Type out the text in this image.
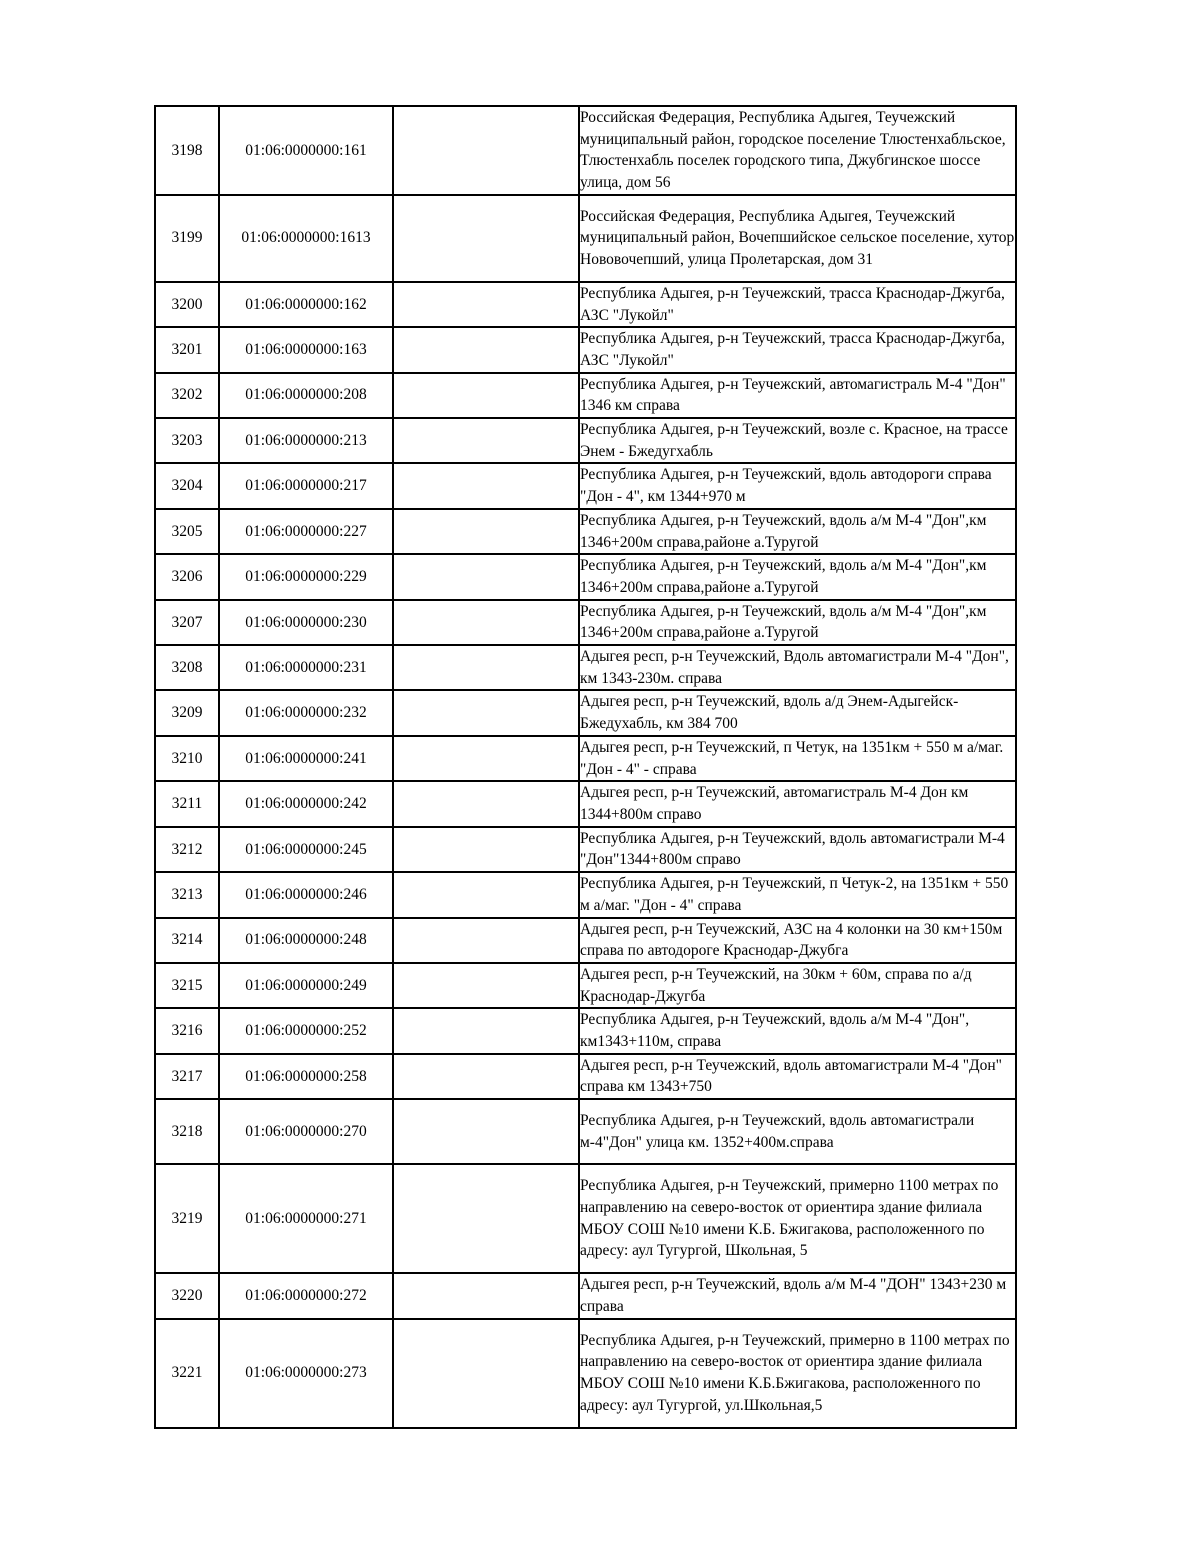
3198	01:06:0000000:161		Российская Федерация, Республика Адыгея, Теучежский муниципальный район, городское поселение Тлюстенхабльское, Тлюстенхабль поселек городского типа, Джубгинское шоссе улица, дом 56
3199	01:06:0000000:1613		Российская Федерация, Республика Адыгея, Теучежский муниципальный район, Вочепшийское сельское поселение, хутор Нововочепший, улица Пролетарская, дом 31
3200	01:06:0000000:162		Республика Адыгея, р-н Теучежский, трасса Краснодар-Джугба, АЗС "Лукойл"
3201	01:06:0000000:163		Республика Адыгея, р-н Теучежский, трасса Краснодар-Джугба, АЗС "Лукойл"
3202	01:06:0000000:208		Республика Адыгея, р-н Теучежский, автомагистраль М-4 "Дон" 1346 км справа
3203	01:06:0000000:213		Республика Адыгея, р-н Теучежский, возле с. Красное, на трассе Энем - Бжедугхабль
3204	01:06:0000000:217		Республика Адыгея, р-н Теучежский, вдоль автодороги справа "Дон - 4", км 1344+970 м
3205	01:06:0000000:227		Республика Адыгея, р-н Теучежский, вдоль а/м М-4 "Дон",км 1346+200м справа,районе а.Туругой
3206	01:06:0000000:229		Республика Адыгея, р-н Теучежский, вдоль а/м М-4 "Дон",км 1346+200м справа,районе а.Туругой
3207	01:06:0000000:230		Республика Адыгея, р-н Теучежский, вдоль а/м М-4 "Дон",км 1346+200м справа,районе а.Туругой
3208	01:06:0000000:231		Адыгея респ, р-н Теучежский, Вдоль автомагистрали М-4 "Дон", км 1343-230м. справа
3209	01:06:0000000:232		Адыгея респ, р-н Теучежский, вдоль а/д Энем-Адыгейск-Бжедухабль, км 384 700
3210	01:06:0000000:241		Адыгея респ, р-н Теучежский, п Четук, на 1351км + 550 м а/маг. "Дон - 4" - справа
3211	01:06:0000000:242		Адыгея респ, р-н Теучежский, автомагистраль М-4 Дон км 1344+800м справо
3212	01:06:0000000:245		Республика Адыгея, р-н Теучежский, вдоль автомагистрали М-4 "Дон"1344+800м справо
3213	01:06:0000000:246		Республика Адыгея, р-н Теучежский, п Четук-2, на 1351км + 550 м а/маг. "Дон - 4" справа
3214	01:06:0000000:248		Адыгея респ, р-н Теучежский, АЗС на 4 колонки на 30 км+150м справа по автодороге Краснодар-Джубга
3215	01:06:0000000:249		Адыгея респ, р-н Теучежский, на 30км + 60м, справа по а/д Краснодар-Джугба
3216	01:06:0000000:252		Республика Адыгея, р-н Теучежский, вдоль а/м М-4 "Дон", км1343+110м, справа
3217	01:06:0000000:258		Адыгея респ, р-н Теучежский, вдоль автомагистрали М-4 "Дон" справа км 1343+750
3218	01:06:0000000:270		Республика Адыгея, р-н Теучежский, вдоль автомагистрали м-4"Дон" улица км. 1352+400м.справа
3219	01:06:0000000:271		Республика Адыгея, р-н Теучежский, примерно 1100 метрах по направлению на северо-восток от ориентира здание филиала МБОУ СОШ №10 имени К.Б. Бжигакова, расположенного по адресу: аул Тугургой, Школьная, 5
3220	01:06:0000000:272		Адыгея респ, р-н Теучежский, вдоль а/м М-4 "ДОН" 1343+230 м справа
3221	01:06:0000000:273		Республика Адыгея, р-н Теучежский, примерно в 1100 метрах по направлению на северо-восток от ориентира здание филиала МБОУ СОШ №10 имени К.Б.Бжигакова, расположенного по адресу: аул Тугургой, ул.Школьная,5
